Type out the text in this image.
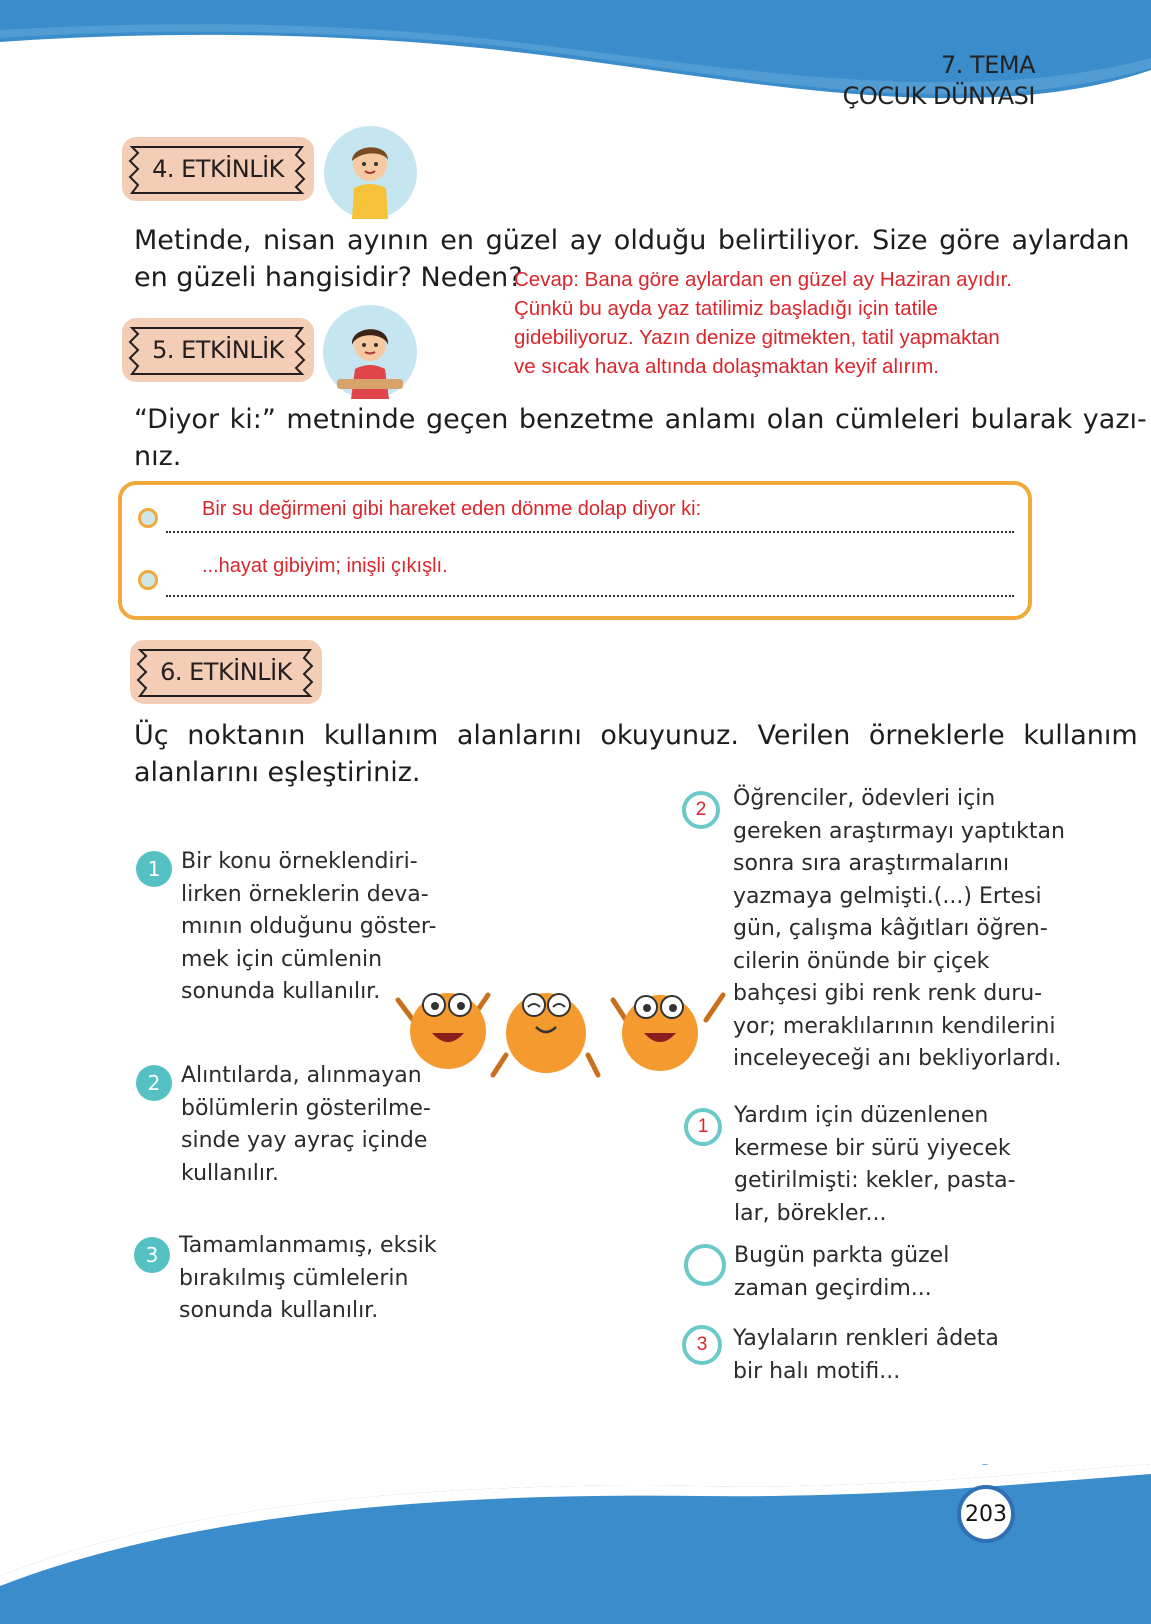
7. TEMA
ÇOCUK DÜNYASI
4. ETKİNLİK
Metinde, nisan ayının en güzel ay olduğu belirtiliyor. Size göre aylardan
en güzeli hangisidir? Neden?
Cevap: Bana göre aylardan en güzel ay Haziran ayıdır.
Çünkü bu ayda yaz tatilimiz başladığı için tatile
gidebiliyoruz. Yazın denize gitmekten, tatil yapmaktan
ve sıcak hava altında dolaşmaktan keyif alırım.
5. ETKİNLİK
“Diyor ki:” metninde geçen benzetme anlamı olan cümleleri bularak yazı-
nız.
Bir su değirmeni gibi hareket eden dönme dolap diyor ki:
...hayat gibiyim; inişli çıkışlı.
6. ETKİNLİK
Üç noktanın kullanım alanlarını okuyunuz. Verilen örneklerle kullanım
alanlarını eşleştiriniz.
1 Bir konu örneklendiri-
lirken örneklerin deva-
mının olduğunu göster-
mek için cümlenin
sonunda kullanılır.
2 Alıntılarda, alınmayan
bölümlerin gösterilme-
sinde yay ayraç içinde
kullanılır.
3 Tamamlanmamış, eksik
bırakılmış cümlelerin
sonunda kullanılır.
2	Öğrenciler, ödevleri için
gereken araştırmayı yaptıktan
sonra sıra araştırmalarını
yazmaya gelmişti.(...) Ertesi
gün, çalışma kâğıtları öğren-
cilerin önünde bir çiçek
bahçesi gibi renk renk duru-
yor; meraklılarının kendilerini
inceleyeceği anı bekliyorlardı.
1	Yardım için düzenlenen
kermese bir sürü yiyecek
getirilmişti: kekler, pasta-
lar, börekler...
Bugün parkta güzel
zaman geçirdim...
3	Yaylaların renkleri âdeta
bir halı motifi...
203
